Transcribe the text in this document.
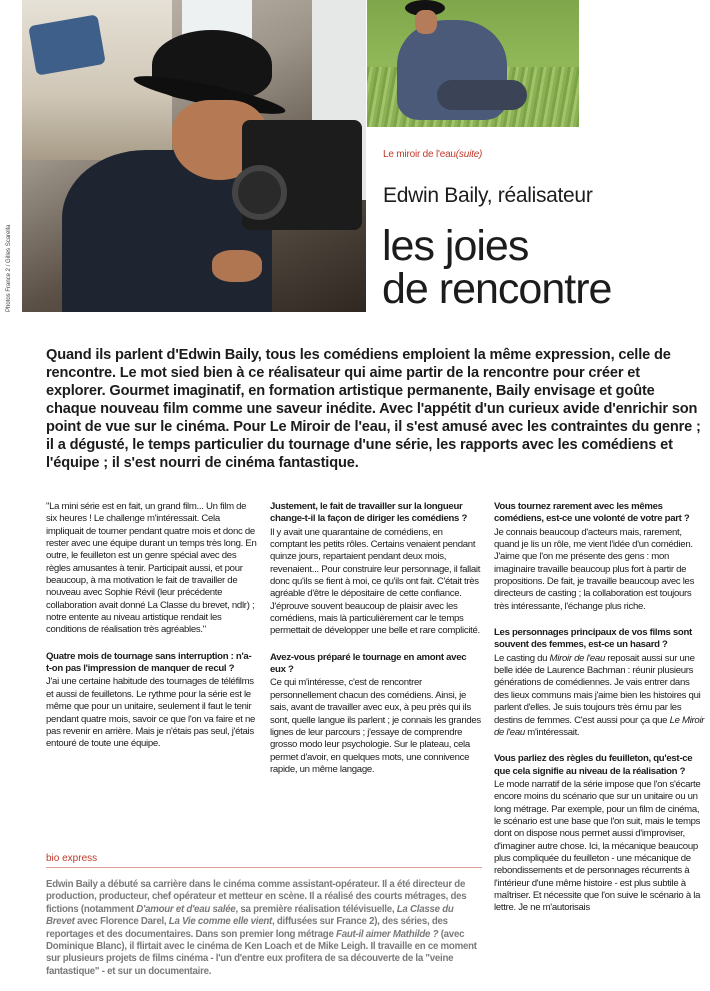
Photos France 2 / Gilles Scarella
Le miroir de l'eau(suite)
Edwin Baily, réalisateur
les joies
de rencontre
Quand ils parlent d'Edwin Baily, tous les comédiens emploient la même expression, celle de rencontre. Le mot sied bien à ce réalisateur qui aime partir de la rencontre pour créer et explorer. Gourmet imaginatif, en formation artistique permanente, Baily envisage et goûte chaque nouveau film comme une saveur inédite. Avec l'appétit d'un curieux avide d'enrichir son point de vue sur le cinéma. Pour Le Miroir de l'eau, il s'est amusé avec les contraintes du genre ; il a dégusté, le temps particulier du tournage d'une série, les rapports avec les comédiens et l'équipe ; il s'est nourri de cinéma fantastique.

"La mini série est en fait, un grand film... Un film de six heures ! Le challenge m'intéressait. Cela impliquait de tourner pendant quatre mois et donc de rester avec une équipe durant un temps très long. En outre, le feuilleton est un genre spécial avec des règles amusantes à tenir. Participait aussi, et pour beaucoup, à ma motivation le fait de travailler de nouveau avec Sophie Révil (leur précédente collaboration avait donné La Classe du brevet, ndlr) ; notre entente au niveau artistique rendait les conditions de réalisation très agréables."

Quatre mois de tournage sans interruption : n'a-t-on pas l'impression de manquer de recul ?

J'ai une certaine habitude des tournages de téléfilms et aussi de feuilletons. Le rythme pour la série est le même que pour un unitaire, seulement il faut le tenir pendant quatre mois, savoir ce que l'on va faire et ne pas revenir en arrière. Mais je n'étais pas seul, j'étais entouré de toute une équipe.

Justement, le fait de travailler sur la longueur change-t-il la façon de diriger les comédiens ?

Il y avait une quarantaine de comédiens, en comptant les petits rôles. Certains venaient pendant quinze jours, repartaient pendant deux mois, revenaient... Pour construire leur personnage, il fallait donc qu'ils se fient à moi, ce qu'ils ont fait. C'était très agréable d'être le dépositaire de cette confiance. J'éprouve souvent beaucoup de plaisir avec les comédiens, mais là particulièrement car le temps permettait de développer une belle et rare complicité.

Avez-vous préparé le tournage en amont avec eux ?

Ce qui m'intéresse, c'est de rencontrer personnellement chacun des comédiens. Ainsi, je sais, avant de travailler avec eux, à peu près qui ils sont, quelle langue ils parlent ; je connais les grandes lignes de leur parcours ; j'essaye de comprendre grosso modo leur psychologie. Sur le plateau, cela permet d'avoir, en quelques mots, une connivence rapide, un même langage.

Vous tournez rarement avec les mêmes comédiens, est-ce une volonté de votre part ?

Je connais beaucoup d'acteurs mais, rarement, quand je lis un rôle, me vient l'idée d'un comédien. J'aime que l'on me présente des gens : mon imaginaire travaille beaucoup plus fort à partir de propositions. De fait, je travaille beaucoup avec les directeurs de casting ; la collaboration est toujours très intéressante, l'échange plus riche.

Les personnages principaux de vos films sont souvent des femmes, est-ce un hasard ?

Le casting du Miroir de l'eau reposait aussi sur une belle idée de Laurence Bachman : réunir plusieurs générations de comédiennes. Je vais entrer dans des lieux communs mais j'aime bien les histoires qui parlent d'elles. Je suis toujours très ému par les destins de femmes. C'est aussi pour ça que Le Miroir de l'eau m'intéressait.

Vous parliez des règles du feuilleton, qu'est-ce que cela signifie au niveau de la réalisation ?

Le mode narratif de la série impose que l'on s'écarte encore moins du scénario que sur un unitaire ou un long métrage. Par exemple, pour un film de cinéma, le scénario est une base que l'on suit, mais le temps dont on dispose nous permet aussi d'improviser, d'imaginer autre chose. Ici, la mécanique beaucoup plus compliquée du feuilleton - une mécanique de rebondissements et de personnages récurrents à l'intérieur d'une même histoire - est plus subtile à maîtriser. Et nécessite que l'on suive le scénario à la lettre. Je ne m'autorisais

bio express
Edwin Baily a débuté sa carrière dans le cinéma comme assistant-opérateur. Il a été directeur de production, producteur, chef opérateur et metteur en scène. Il a réalisé des courts métrages, des fictions (notamment D'amour et d'eau salée, sa première réalisation télévisuelle, La Classe du Brevet avec Florence Darel, La Vie comme elle vient, diffusées sur France 2), des séries, des reportages et des documentaires. Dans son premier long métrage Faut-il aimer Mathilde ? (avec Dominique Blanc), il flirtait avec le cinéma de Ken Loach et de Mike Leigh. Il travaille en ce moment sur plusieurs projets de films cinéma - l'un d'entre eux profitera de sa découverte de la "veine fantastique" - et sur un documentaire.
